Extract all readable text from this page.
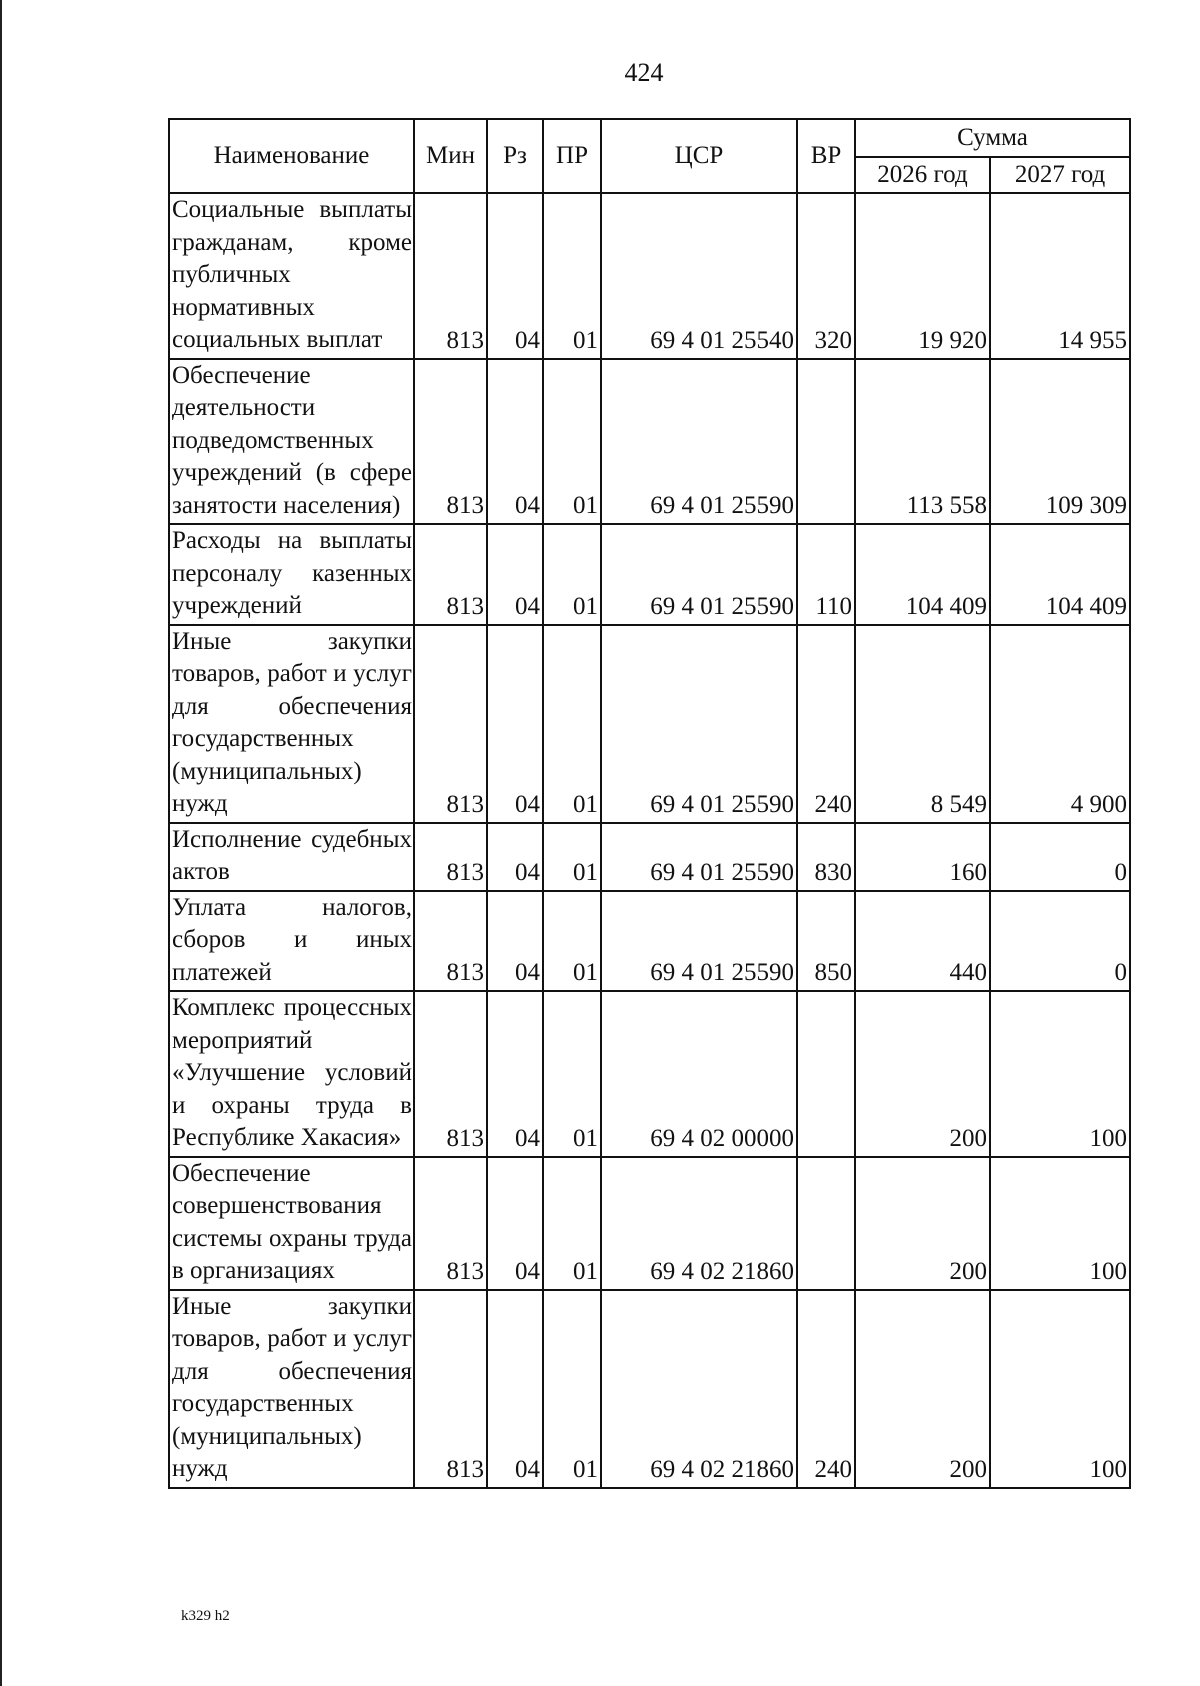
424
Наименование	Мин	Рз	ПР	ЦСР	ВР	Сумма	
						2026 год	2027 год
Социальные выплаты гражданам, кроме публичных нормативных социальных выплат	813	04	01	69 4 01 25540	320	19 920	14 955
Обеспечение деятельности подведомственных учреждений (в сфере занятости населения)	813	04	01	69 4 01 25590		113 558	109 309
Расходы на выплаты персоналу казенных учреждений	813	04	01	69 4 01 25590	110	104 409	104 409
Иные закупки товаров, работ и услуг для обеспечения государственных (муниципальных) нужд	813	04	01	69 4 01 25590	240	8 549	4 900
Исполнение судебных актов	813	04	01	69 4 01 25590	830	160	0
Уплата налогов, сборов и иных платежей	813	04	01	69 4 01 25590	850	440	0
Комплекс процессных мероприятий «Улучшение условий и охраны труда в Республике Хакасия»	813	04	01	69 4 02 00000		200	100
Обеспечение совершенствования системы охраны труда в организациях	813	04	01	69 4 02 21860		200	100
Иные закупки товаров, работ и услуг для обеспечения государственных (муниципальных) нужд	813	04	01	69 4 02 21860	240	200	100
k329 h2
